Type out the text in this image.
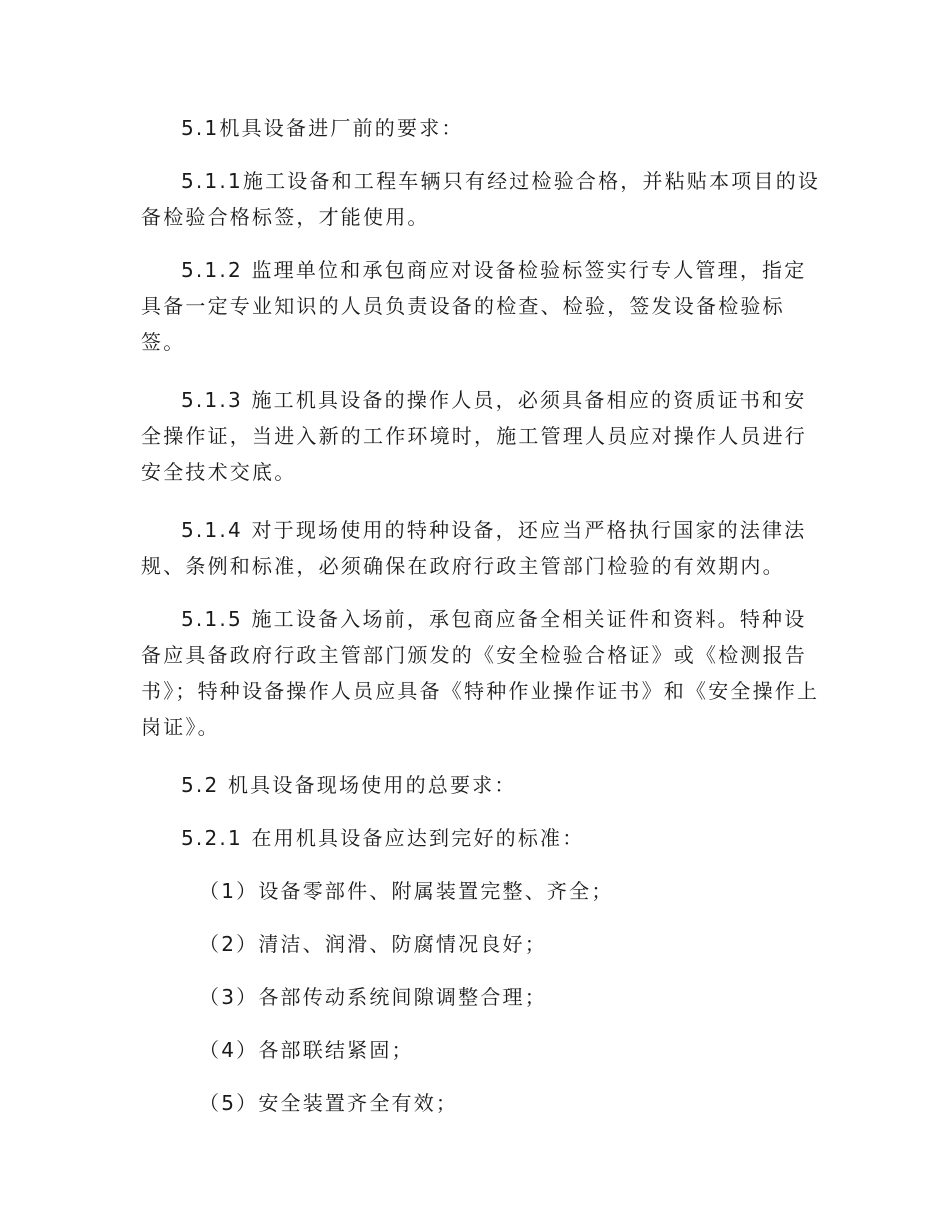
5.1机具设备进厂前的要求：

5.1.1施工设备和工程车辆只有经过检验合格，并粘贴本项目的设备检验合格标签，才能使用。

5.1.2 监理单位和承包商应对设备检验标签实行专人管理，指定具备一定专业知识的人员负责设备的检查、检验，签发设备检验标签。

5.1.3 施工机具设备的操作人员，必须具备相应的资质证书和安全操作证，当进入新的工作环境时，施工管理人员应对操作人员进行安全技术交底。

5.1.4 对于现场使用的特种设备，还应当严格执行国家的法律法规、条例和标准，必须确保在政府行政主管部门检验的有效期内。

5.1.5 施工设备入场前，承包商应备全相关证件和资料。特种设备应具备政府行政主管部门颁发的《安全检验合格证》或《检测报告书》；特种设备操作人员应具备《特种作业操作证书》和《安全操作上岗证》。

5.2 机具设备现场使用的总要求：

5.2.1 在用机具设备应达到完好的标准：

（1）设备零部件、附属装置完整、齐全；

（2）清洁、润滑、防腐情况良好；

（3）各部传动系统间隙调整合理；

（4）各部联结紧固；

（5）安全装置齐全有效；
